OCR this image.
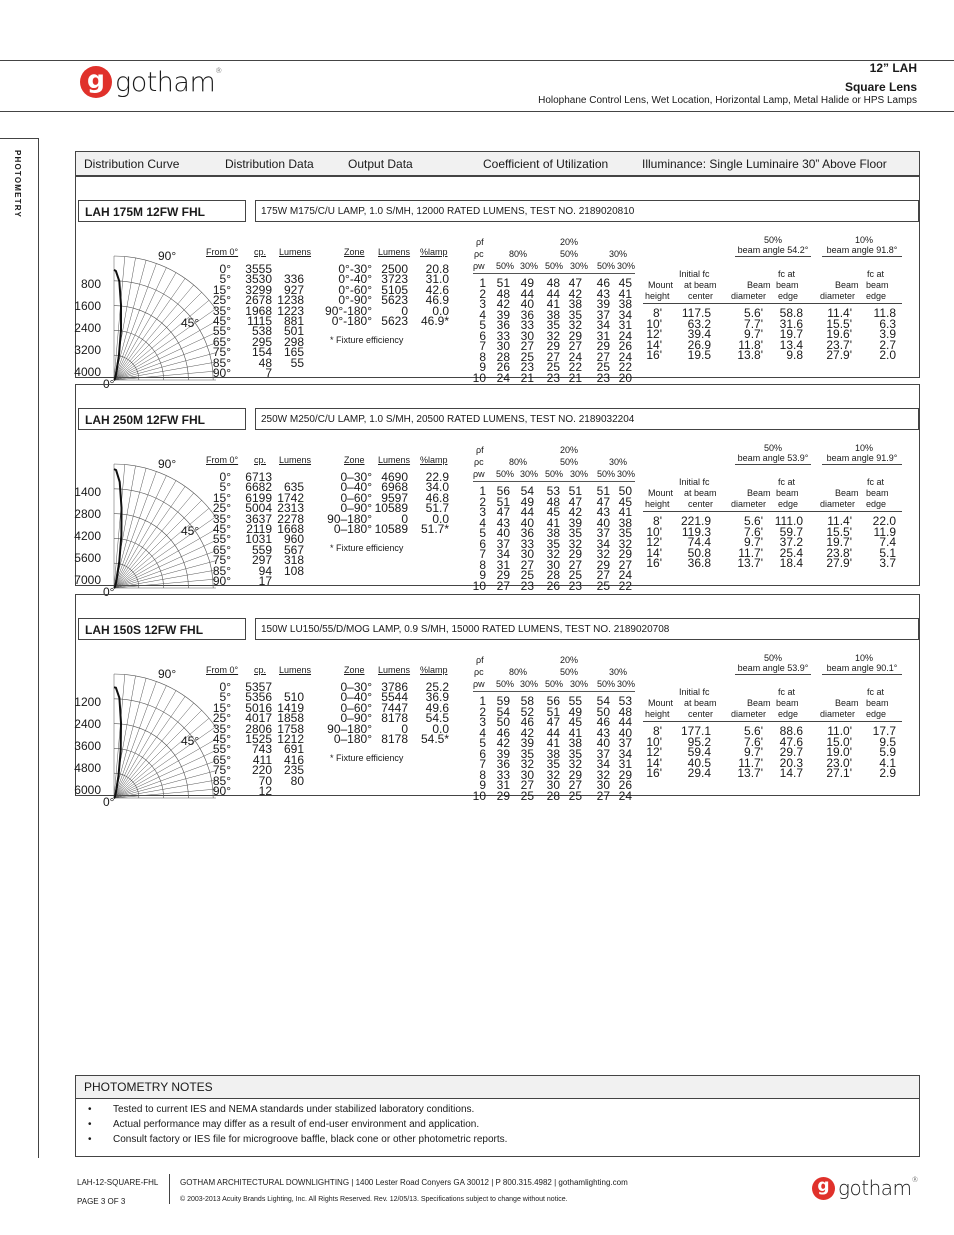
g gotham®	12” LAH
Square Lens
Holophane Control Lens, Wet Location, Horizontal Lamp, Metal Halide or HPS Lamps
PHOTOMETRY	Distribution Curve	Distribution Data	Output Data	Coefficient of Utilization	Illuminance: Single Luminaire 30” Above Floor
LAH 175M 12FW FHL	175W M175/C/U LAMP, 1.0 S/MH, 12000 RATED LUMENS, TEST NO. 2189020810
800
1600
2400
3200
4000
90°
45°
0°
From 0° cp. Lumens
0°	3555
5°	3530 336
15°	3299 927
25°	2678 1238
35°	1968 1223
45°	1115 881
55°	538 501
65°	295 298
75°	154 165
85°	48	55
90°	7
Zone Lumens %lamp
0°-30° 2500	20.8
0°-40° 3723	31.0
0°-60° 5105	42.6
0°-90° 5623	46.9
90°-180°	0	0.0
0°-180° 5623	46.9*
* Fixture efficiency
ρf
ρc
ρw
80%
20%
50%	30%
50% 30% 50% 30% 50% 30%
1 51 49	48 47	46 45
2 48 44	44 42	43 41
3 42 40	41 38	39 38
4 39 36	38 35	37 34
5 36 33	35 32	34 31
6 33 30	32 29	31 24
7 30 27	29 27	29 26
8 28 25	27 24	27 24
9 26 23	25 22	25 22
10 24 21	23 21	23 20
beam angle 54.2°
50%
beam angle 91.8°
10%
Initial fc
at beam
center
Mount
height
Beam
diameter
fc at
beam
edge
Beam
diameter
fc at
beam
edge
8'	117.5	5.6'	58.8	11.4'	11.8
10'	63.2	7.7'	31.6	15.5'	6.3
12'	39.4	9.7'	19.7	19.6'	3.9
14'	26.9	11.8'	13.4	23.7'	2.7
16'	19.5	13.8'	9.8	27.9'	2.0
LAH 250M 12FW FHL	250W M250/C/U LAMP, 1.0 S/MH, 20500 RATED LUMENS, TEST NO. 2189032204
1400
2800
4200
5600
7000
90°
45°
0°
From 0° cp. Lumens
0°	6713
5°	6682 635
15°	6199 1742
25°	5004 2313
35°	3637 2278
45°	2119 1668
55°	1031 960
65°	559 567
75°	297 318
85°	94 108
90°	17
Zone Lumens %lamp
0–30° 4690	22.9
0–40° 6968	34.0
0–60° 9597	46.8
0–90° 10589	51.7
90–180°	0	0.0
0–180° 10589	51.7*
* Fixture efficiency
ρf
ρc
ρw
80%
20%
50%	30%
50% 30% 50% 30% 50% 30%
1 56 54	53 51	51 50
2 51 49	48 47	47 45
3 47 44	45 42	43 41
4 43 40	41 39	40 38
5 40 36	38 35	37 35
6 37 33	35 32	34 32
7 34 30	32 29	32 29
8 31 27	30 27	29 27
9 29 25	28 25	27 24
10 27 23	26 23	25 22
beam angle 53.9°
50%
beam angle 91.9°
10%
Initial fc
at beam
center
Mount
height
Beam
diameter
fc at
beam
edge
Beam
diameter
fc at
beam
edge
8'	221.9	5.6' 111.0	11.4'	22.0
10'	119.3	7.6'	59.7	15.5'	11.9
12'	74.4	9.7'	37.2	19.7'	7.4
14'	50.8	11.7'	25.4	23.8'	5.1
16'	36.8	13.7'	18.4	27.9'	3.7
LAH 150S 12FW FHL	150W LU150/55/D/MOG LAMP, 0.9 S/MH, 15000 RATED LUMENS, TEST NO. 2189020708
1200
2400
3600
4800
6000
90°
45°
0°
From 0° cp. Lumens
0°	5357
5°	5356 510
15°	5016 1419
25°	4017 1858
35°	2806 1758
45°	1525 1212
55°	743 691
65°	411 416
75°	220 235
85°	70	80
90°	12
Zone Lumens %lamp
0–30° 3786	25.2
0–40° 5544	36.9
0–60° 7447	49.6
0–90° 8178	54.5
90–180°	0	0.0
0–180° 8178	54.5*
* Fixture efficiency
ρf
ρc
ρw
80%
20%
50%	30%
50% 30% 50% 30% 50% 30%
1 59 58	56 55	54 53
2 54 52	51 49	50 48
3 50 46	47 45	46 44
4 46 42	44 41	43 40
5 42 39	41 38	40 37
6 39 35	38 35	37 34
7 36 32	35 32	34 31
8 33 30	32 29	32 29
9 31 27	30 27	30 26
10 29 25	28 25	27 24
beam angle 53.9°
50%
beam angle 90.1°
10%
Initial fc
at beam
center
Mount
height
Beam
diameter
fc at
beam
edge
Beam
diameter
fc at
beam
edge
8'	177.1	5.6'	88.6	11.0'	17.7
10'	95.2	7.6'	47.6	15.0'	9.5
12'	59.4	9.7'	29.7	19.0'	5.9
14'	40.5	11.7'	20.3	23.0'	4.1
16'	29.4	13.7'	14.7	27.1'	2.9
PHOTOMETRY NOTES
•	Tested to current IES and NEMA standards under stabilized laboratory conditions.
•	Actual performance may differ as a result of end-user environment and application.
•	Consult factory or IES file for microgroove baffle, black cone or other photometric reports.
LAH-12-SQUARE-FHL
PAGE 3 OF 3
GOTHAM ARCHITECTURAL DOWNLIGHTING | 1400 Lester Road Conyers GA 30012 | P 800.315.4982 | gothamlighting.com
© 2003-2013 Acuity Brands Lighting, Inc. All Rights Reserved. Rev. 12/05/13. Specifications subject to change without notice.
g gotham®
